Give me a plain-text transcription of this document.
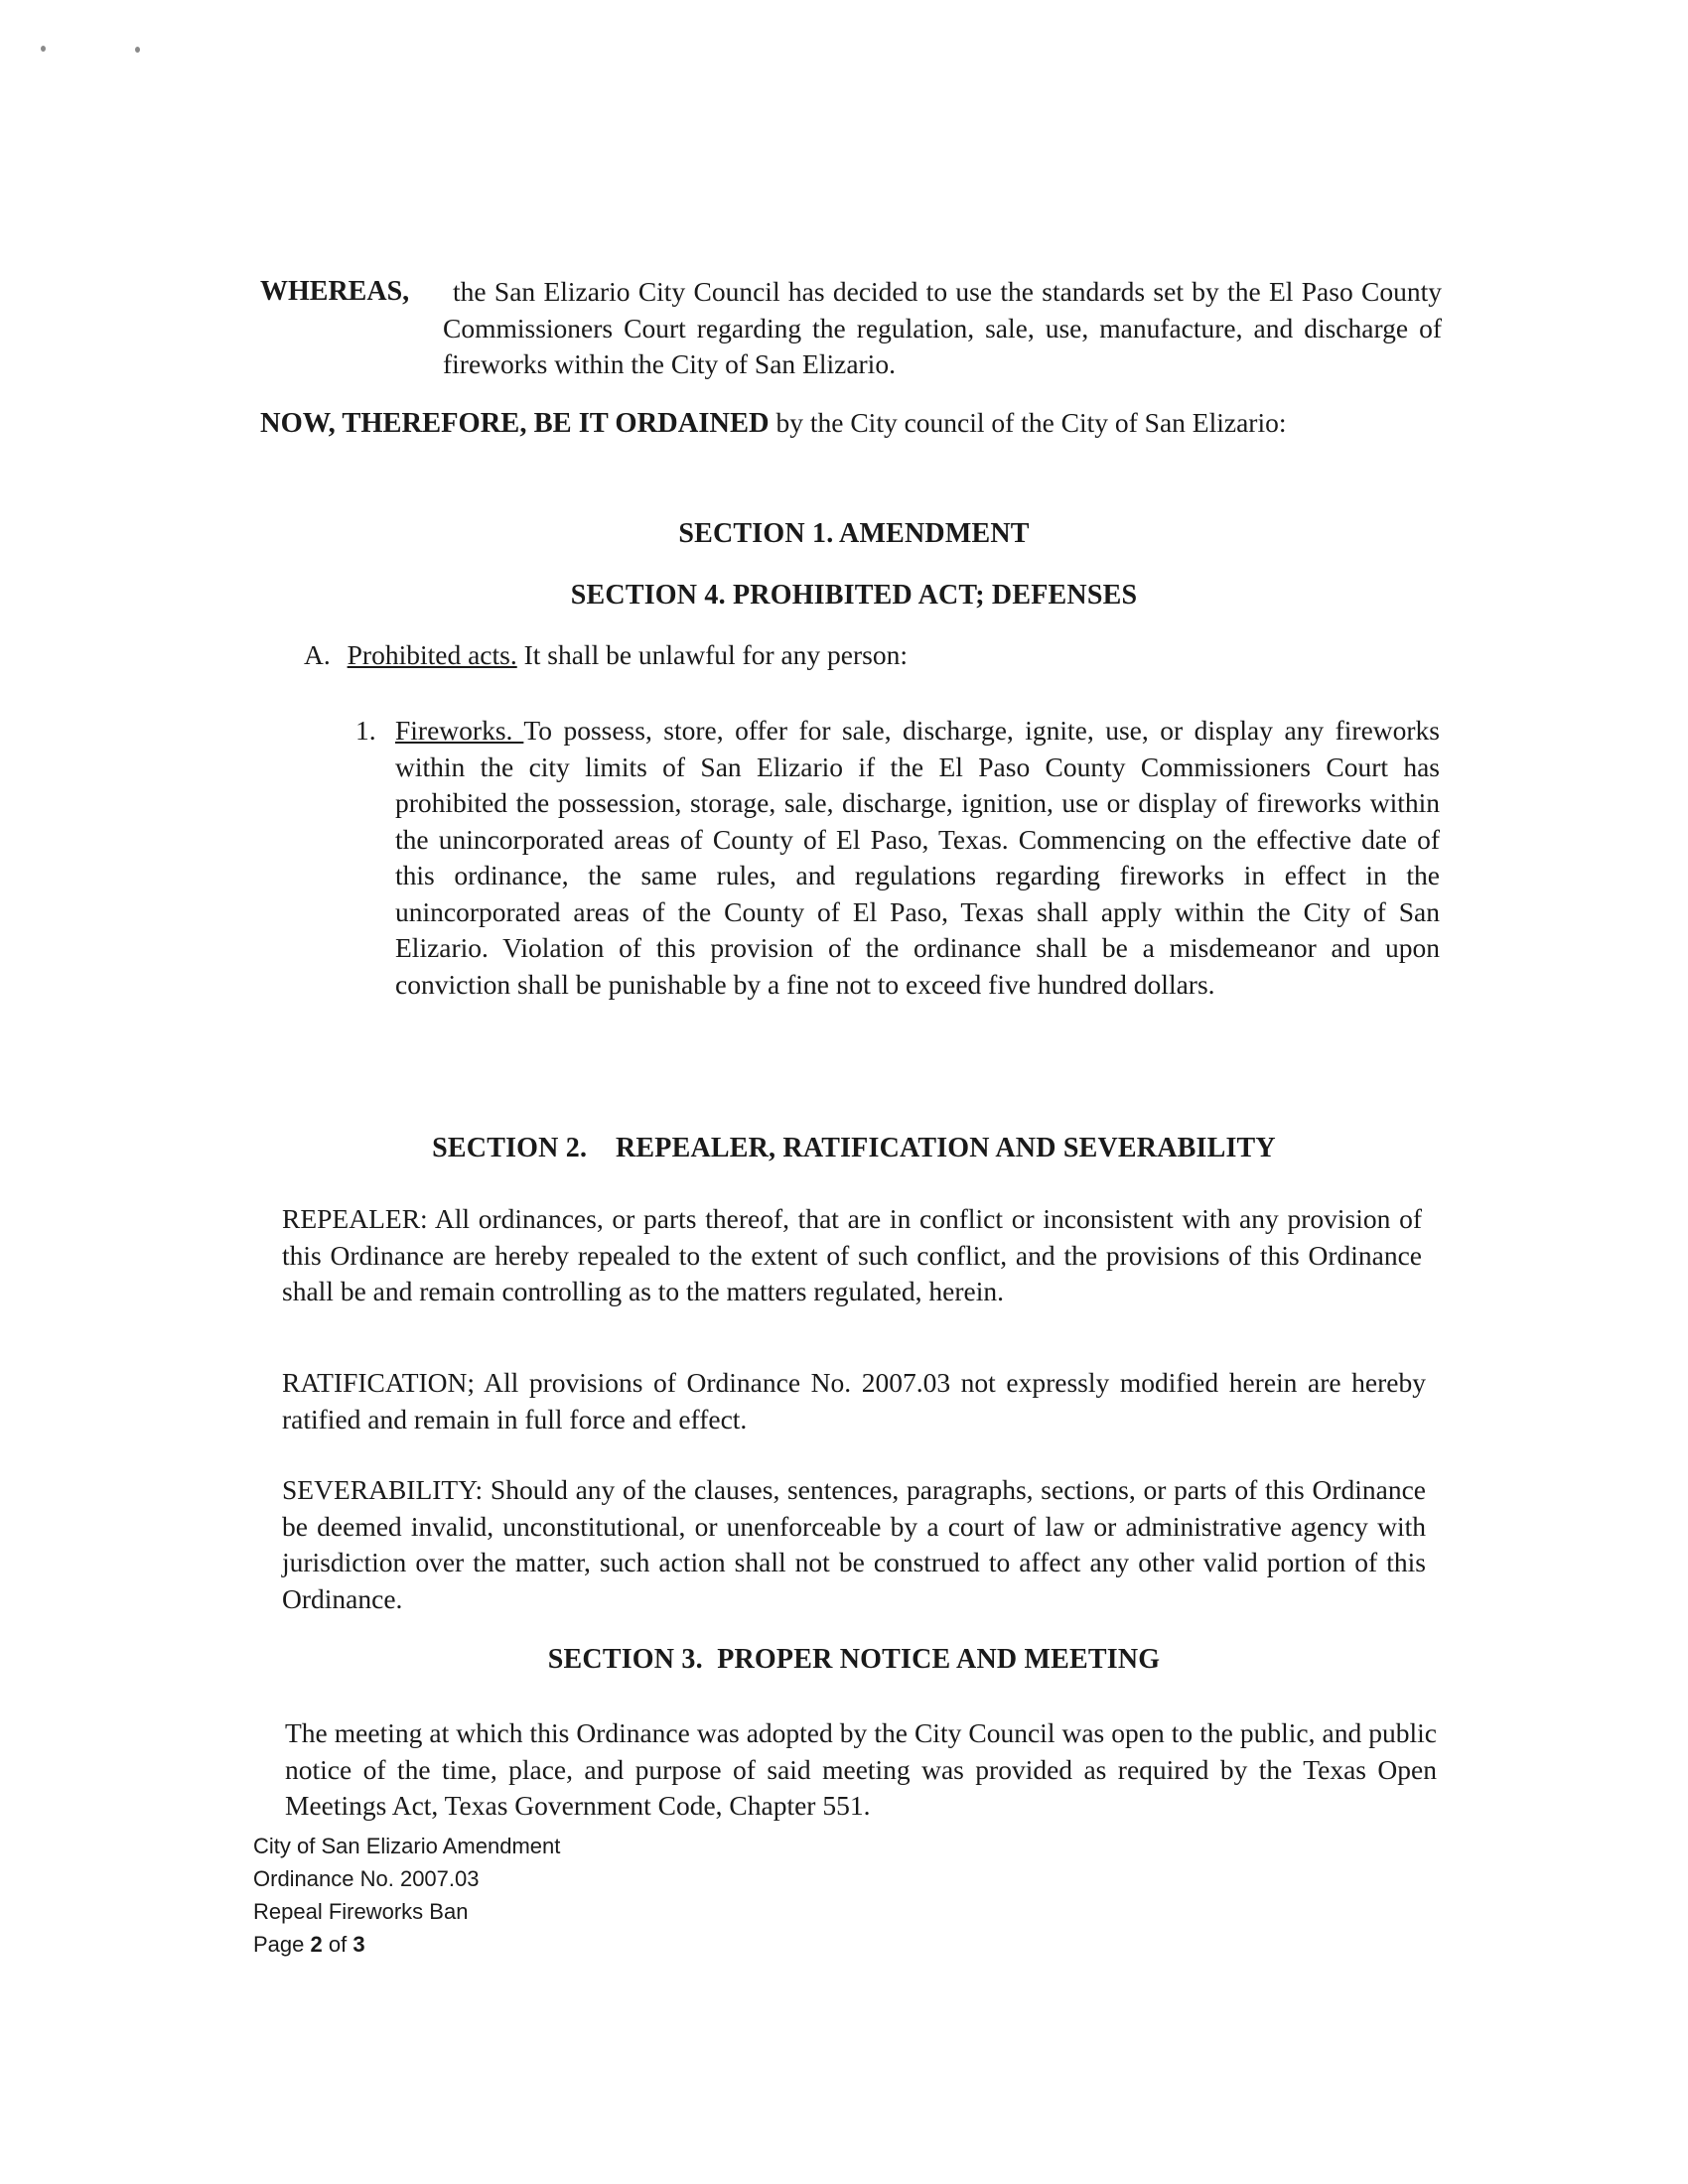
WHEREAS,	the San Elizario City Council has decided to use the standards set by the El Paso County Commissioners Court regarding the regulation, sale, use, manufacture, and discharge of fireworks within the City of San Elizario.

NOW, THEREFORE, BE IT ORDAINED by the City council of the City of San Elizario:

SECTION 1. AMENDMENT

SECTION 4. PROHIBITED ACT; DEFENSES

A. Prohibited acts. It shall be unlawful for any person:

1. Fireworks. To possess, store, offer for sale, discharge, ignite, use, or display any fireworks within the city limits of San Elizario if the El Paso County Commissioners Court has prohibited the possession, storage, sale, discharge, ignition, use or display of fireworks within the unincorporated areas of County of El Paso, Texas. Commencing on the effective date of this ordinance, the same rules, and regulations regarding fireworks in effect in the unincorporated areas of the County of El Paso, Texas shall apply within the City of San Elizario. Violation of this provision of the ordinance shall be a misdemeanor and upon conviction shall be punishable by a fine not to exceed five hundred dollars.

SECTION 2.    REPEALER, RATIFICATION AND SEVERABILITY

REPEALER: All ordinances, or parts thereof, that are in conflict or inconsistent with any provision of this Ordinance are hereby repealed to the extent of such conflict, and the provisions of this Ordinance shall be and remain controlling as to the matters regulated, herein.

RATIFICATION; All provisions of Ordinance No. 2007.03 not expressly modified herein are hereby ratified and remain in full force and effect.

SEVERABILITY: Should any of the clauses, sentences, paragraphs, sections, or parts of this Ordinance be deemed invalid, unconstitutional, or unenforceable by a court of law or administrative agency with jurisdiction over the matter, such action shall not be construed to affect any other valid portion of this Ordinance.

SECTION 3.  PROPER NOTICE AND MEETING

The meeting at which this Ordinance was adopted by the City Council was open to the public, and public notice of the time, place, and purpose of said meeting was provided as required by the Texas Open Meetings Act, Texas Government Code, Chapter 551.

City of San Elizario Amendment
Ordinance No. 2007.03
Repeal Fireworks Ban
Page 2 of 3
